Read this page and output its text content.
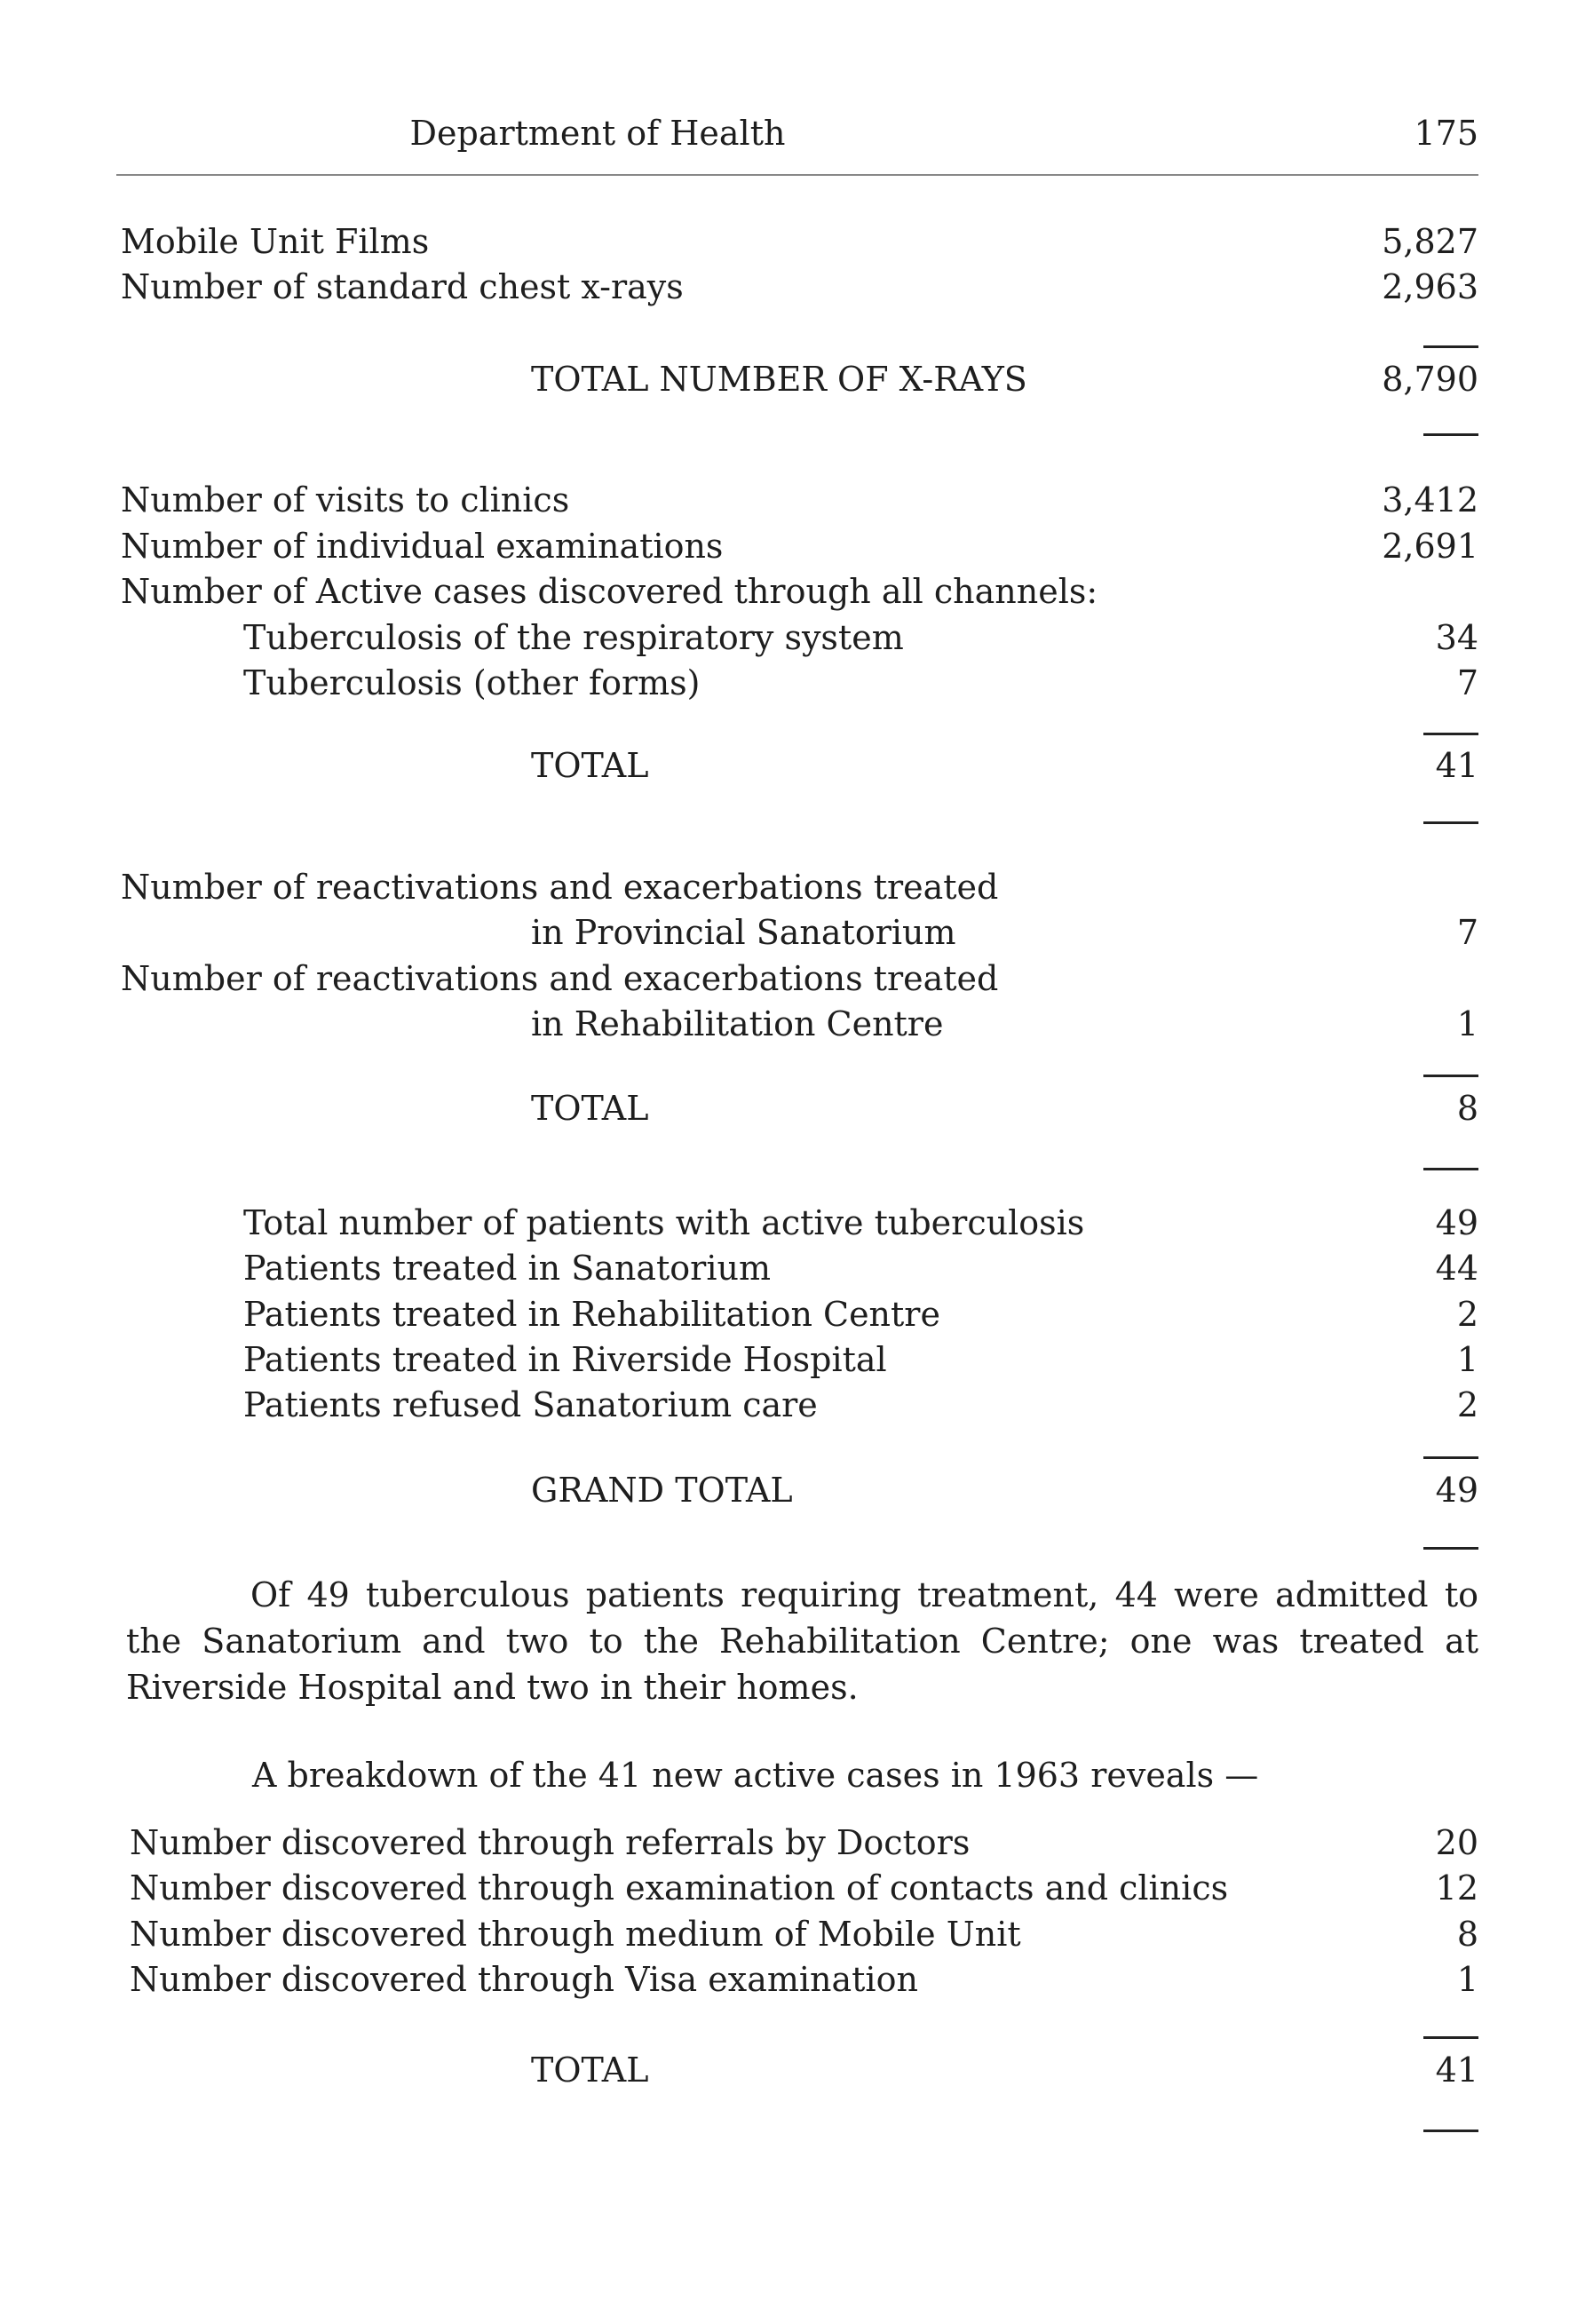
Department of Health	175
Mobile Unit Films	5,827
Number of standard chest x-rays	2,963
TOTAL NUMBER OF X-RAYS	8,790
Number of visits to clinics	3,412
Number of individual examinations	2,691
Number of Active cases discovered through all channels:
Tuberculosis of the respiratory system	34
Tuberculosis (other forms)	7
TOTAL	41
Number of reactivations and exacerbations treated
in Provincial Sanatorium	7
Number of reactivations and exacerbations treated
in Rehabilitation Centre	1
TOTAL	8
Total number of patients with active tuberculosis	49
Patients treated in Sanatorium	44
Patients treated in Rehabilitation Centre	2
Patients treated in Riverside Hospital	1
Patients refused Sanatorium care	2
GRAND TOTAL	49
Of 49 tuberculous patients requiring treatment, 44 were admitted to the Sanatorium and two to the Rehabilitation Centre; one was treated at Riverside Hospital and two in their homes.
A breakdown of the 41 new active cases in 1963 reveals —
Number discovered through referrals by Doctors	20
Number discovered through examination of contacts and clinics	12
Number discovered through medium of Mobile Unit	8
Number discovered through Visa examination	1
TOTAL	41
